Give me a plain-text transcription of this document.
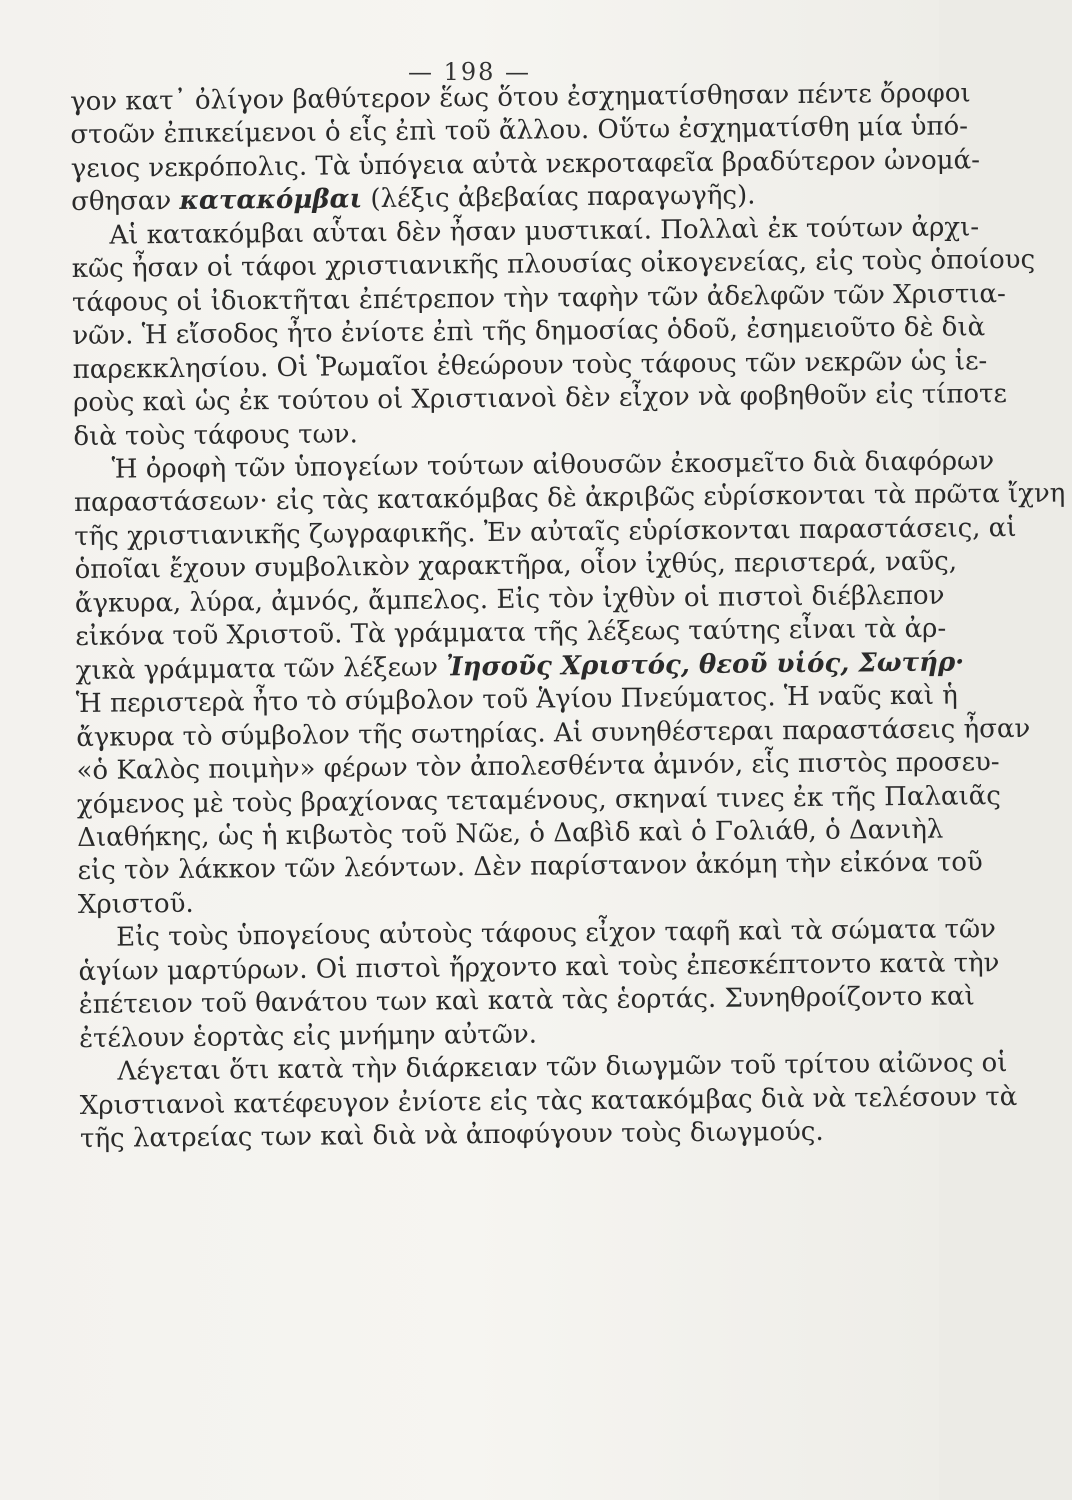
— 198 —
γον κατ᾽ ὀλίγον βαθύτερον ἕως ὅτου ἐσχηματίσθησαν πέντε ὄροφοι
στοῶν ἐπικείμενοι ὁ εἷς ἐπὶ τοῦ ἄλλου. Οὕτω ἐσχηματίσθη μία ὑπό-
γειος νεκρόπολις. Τὰ ὑπόγεια αὐτὰ νεκροταφεῖα βραδύτερον ὠνομά-
σθησαν κατακόμβαι (λέξις ἀβεβαίας παραγωγῆς).
Αἱ κατακόμβαι αὗται δὲν ἦσαν μυστικαί. Πολλαὶ ἐκ τούτων ἀρχι-
κῶς ἦσαν οἱ τάφοι χριστιανικῆς πλουσίας οἰκογενείας, εἰς τοὺς ὁποίους
τάφους οἱ ἰδιοκτῆται ἐπέτρεπον τὴν ταφὴν τῶν ἀδελφῶν τῶν Χριστια-
νῶν. Ἡ εἴσοδος ἦτο ἐνίοτε ἐπὶ τῆς δημοσίας ὁδοῦ, ἐσημειοῦτο δὲ διὰ
παρεκκλησίου. Οἱ Ῥωμαῖοι ἐθεώρουν τοὺς τάφους τῶν νεκρῶν ὡς ἱε-
ροὺς καὶ ὡς ἐκ τούτου οἱ Χριστιανοὶ δὲν εἶχον νὰ φοβηθοῦν εἰς τίποτε
διὰ τοὺς τάφους των.
Ἡ ὀροφὴ τῶν ὑπογείων τούτων αἰθουσῶν ἐκοσμεῖτο διὰ διαφόρων
παραστάσεων· εἰς τὰς κατακόμβας δὲ ἀκριβῶς εὑρίσκονται τὰ πρῶτα ἴχνη
τῆς χριστιανικῆς ζωγραφικῆς. Ἐν αὐταῖς εὑρίσκονται παραστάσεις, αἱ
ὁποῖαι ἔχουν συμβολικὸν χαρακτῆρα, οἷον ἰχθύς, περιστερά, ναῦς,
ἄγκυρα, λύρα, ἀμνός, ἄμπελος. Εἰς τὸν ἰχθὺν οἱ πιστοὶ διέβλεπον
εἰκόνα τοῦ Χριστοῦ. Τὰ γράμματα τῆς λέξεως ταύτης εἶναι τὰ ἀρ-
χικὰ γράμματα τῶν λέξεων Ἰησοῦς Χριστός, θεοῦ υἱός, Σωτήρ·
Ἡ περιστερὰ ἦτο τὸ σύμβολον τοῦ Ἁγίου Πνεύματος. Ἡ ναῦς καὶ ἡ
ἄγκυρα τὸ σύμβολον τῆς σωτηρίας. Αἱ συνηθέστεραι παραστάσεις ἦσαν
«ὁ Καλὸς ποιμὴν» φέρων τὸν ἀπολεσθέντα ἀμνόν, εἷς πιστὸς προσευ-
χόμενος μὲ τοὺς βραχίονας τεταμένους, σκηναί τινες ἐκ τῆς Παλαιᾶς
Διαθήκης, ὡς ἡ κιβωτὸς τοῦ Νῶε, ὁ Δαβὶδ καὶ ὁ Γολιάθ, ὁ Δανιὴλ
εἰς τὸν λάκκον τῶν λεόντων. Δὲν παρίστανον ἀκόμη τὴν εἰκόνα τοῦ
Χριστοῦ.
Εἰς τοὺς ὑπογείους αὐτοὺς τάφους εἶχον ταφῆ καὶ τὰ σώματα τῶν
ἁγίων μαρτύρων. Οἱ πιστοὶ ἤρχοντο καὶ τοὺς ἐπεσκέπτοντο κατὰ τὴν
ἐπέτειον τοῦ θανάτου των καὶ κατὰ τὰς ἑορτάς. Συνηθροίζοντο καὶ
ἐτέλουν ἑορτὰς εἰς μνήμην αὐτῶν.
Λέγεται ὅτι κατὰ τὴν διάρκειαν τῶν διωγμῶν τοῦ τρίτου αἰῶνος οἱ
Χριστιανοὶ κατέφευγον ἐνίοτε εἰς τὰς κατακόμβας διὰ νὰ τελέσουν τὰ
τῆς λατρείας των καὶ διὰ νὰ ἀποφύγουν τοὺς διωγμούς.
